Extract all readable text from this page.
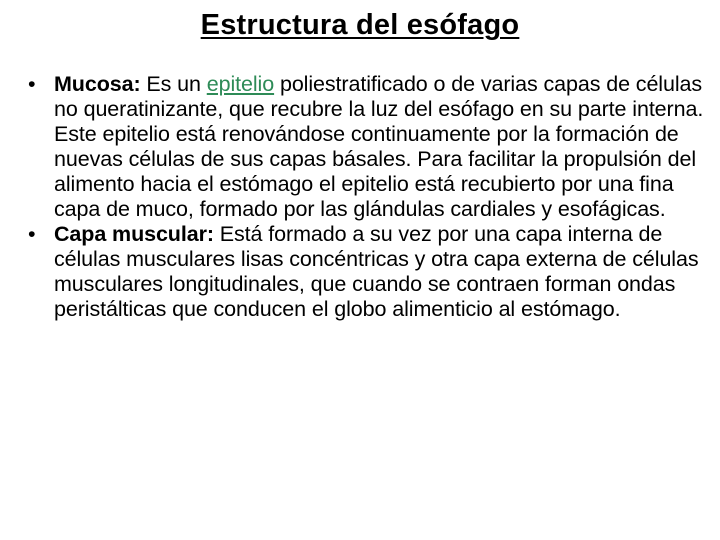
Estructura del esófago
• Mucosa: Es un epitelio poliestratificado o de varias capas de células no queratinizante, que recubre la luz del esófago en su parte interna. Este epitelio está renovándose continuamente por la formación de nuevas células de sus capas básales. Para facilitar la propulsión del alimento hacia el estómago el epitelio está recubierto por una fina capa de muco, formado por las glándulas cardiales y esofágicas.
• Capa muscular: Está formado a su vez por una capa interna de células musculares lisas concéntricas y otra capa externa de células musculares longitudinales, que cuando se contraen forman ondas peristálticas que conducen el globo alimenticio al estómago.
